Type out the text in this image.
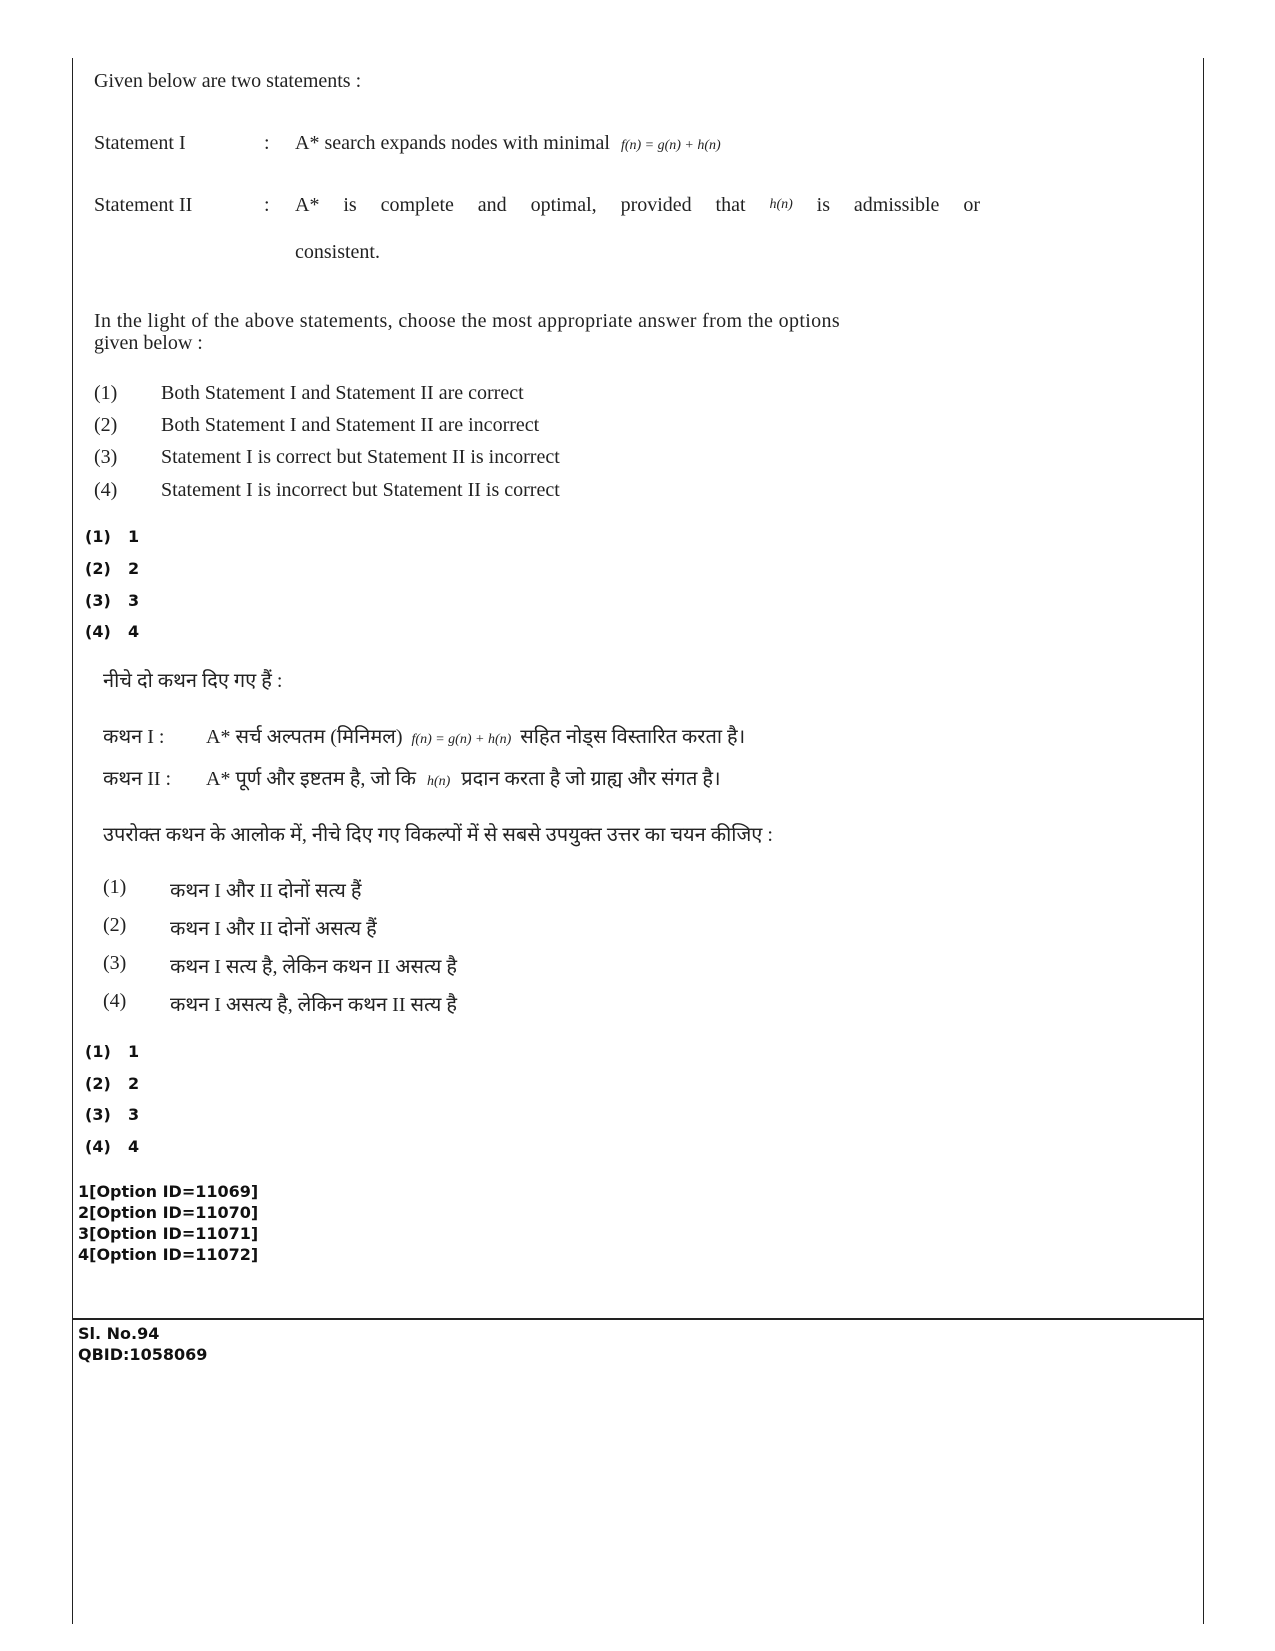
Given below are two statements :
Statement I	: A* search expands nodes with minimal f(n) = g(n) + h(n)
Statement II	: A* is complete and optimal, provided that h(n) is admissible or
consistent.
In the light of the above statements, choose the most appropriate answer from the options
given below :
(1) Both Statement I and Statement II are correct
(2) Both Statement I and Statement II are incorrect
(3) Statement I is correct but Statement II is incorrect
(4) Statement I is incorrect but Statement II is correct
(1) 1
(2) 2
(3) 3
(4) 4
नीचे दो कथन दिए गए हैं :
कथन I : A* सर्च अल्पतम (मिनिमल) f(n) = g(n) + h(n) सहित नोड्स विस्तारित करता है।
कथन II : A* पूर्ण और इष्टतम है, जो कि h(n) प्रदान करता है जो ग्राह्य और संगत है।
उपरोक्त कथन के आलोक में, नीचे दिए गए विकल्पों में से सबसे उपयुक्त उत्तर का चयन कीजिए :
(1) कथन I और II दोनों सत्य हैं
(2) कथन I और II दोनों असत्य हैं
(3) कथन I सत्य है, लेकिन कथन II असत्य है
(4) कथन I असत्य है, लेकिन कथन II सत्य है
(1) 1
(2) 2
(3) 3
(4) 4
1[Option ID=11069]
2[Option ID=11070]
3[Option ID=11071]
4[Option ID=11072]
Sl. No.94
QBID:1058069
